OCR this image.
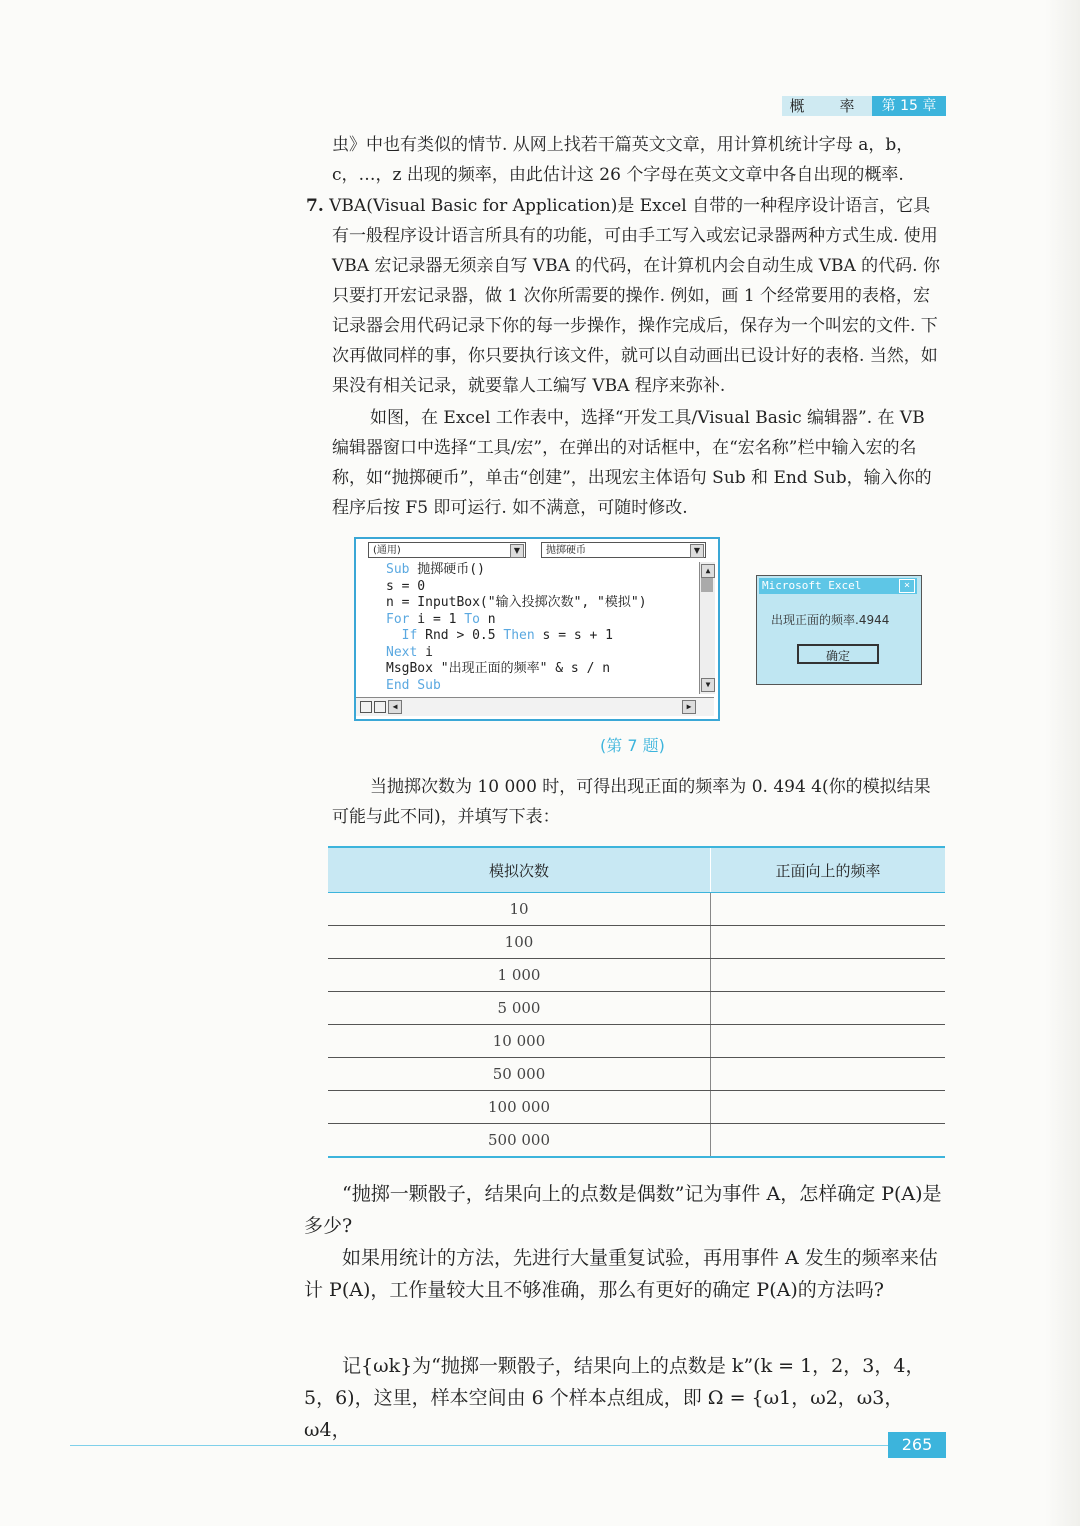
概　率	第 15 章

虫》中也有类似的情节. 从网上找若干篇英文文章，用计算机统计字母 a，b，c，…，z 出现的频率，由此估计这 26 个字母在英文文章中各自出现的概率.

7. VBA(Visual Basic for Application)是 Excel 自带的一种程序设计语言，它具有一般程序设计语言所具有的功能，可由手工写入或宏记录器两种方式生成. 使用 VBA 宏记录器无须亲自写 VBA 的代码，在计算机内会自动生成 VBA 的代码. 你只要打开宏记录器，做 1 次你所需要的操作. 例如，画 1 个经常要用的表格，宏记录器会用代码记录下你的每一步操作，操作完成后，保存为一个叫宏的文件. 下次再做同样的事，你只要执行该文件，就可以自动画出已设计好的表格. 当然，如果没有相关记录，就要靠人工编写 VBA 程序来弥补.

如图，在 Excel 工作表中，选择“开发工具/Visual Basic 编辑器”. 在 VB 编辑器窗口中选择“工具/宏”，在弹出的对话框中，在“宏名称”栏中输入宏的名称，如“抛掷硬币”，单击“创建”，出现宏主体语句 Sub 和 End Sub，输入你的程序后按 F5 即可运行. 如不满意，可随时修改.

(通用)	▼	抛掷硬币	▼
Sub 抛掷硬币()
s = 0
n = InputBox("输入投掷次数", "模拟")
For i = 1 To n
If Rnd > 0.5 Then s = s + 1
Next i
MsgBox "出现正面的频率" & s / n
End Sub
▲
▼
◀	▶
Microsoft Excel	×
出现正面的频率.4944
确定
(第 7 题)

当抛掷次数为 10 000 时，可得出现正面的频率为 0. 494 4(你的模拟结果可能与此不同)，并填写下表：

模拟次数	正面向上的频率
10	
100	
1 000	
5 000	
10 000	
50 000	
100 000	
500 000	

“抛掷一颗骰子，结果向上的点数是偶数”记为事件 A，怎样确定 P(A)是多少?

如果用统计的方法，先进行大量重复试验，再用事件 A 发生的频率来估计 P(A)，工作量较大且不够准确，那么有更好的确定 P(A)的方法吗?

记{ωk}为“抛掷一颗骰子，结果向上的点数是 k”(k = 1，2，3，4，5，6)，这里，样本空间由 6 个样本点组成，即 Ω = {ω1，ω2，ω3，ω4，

265
